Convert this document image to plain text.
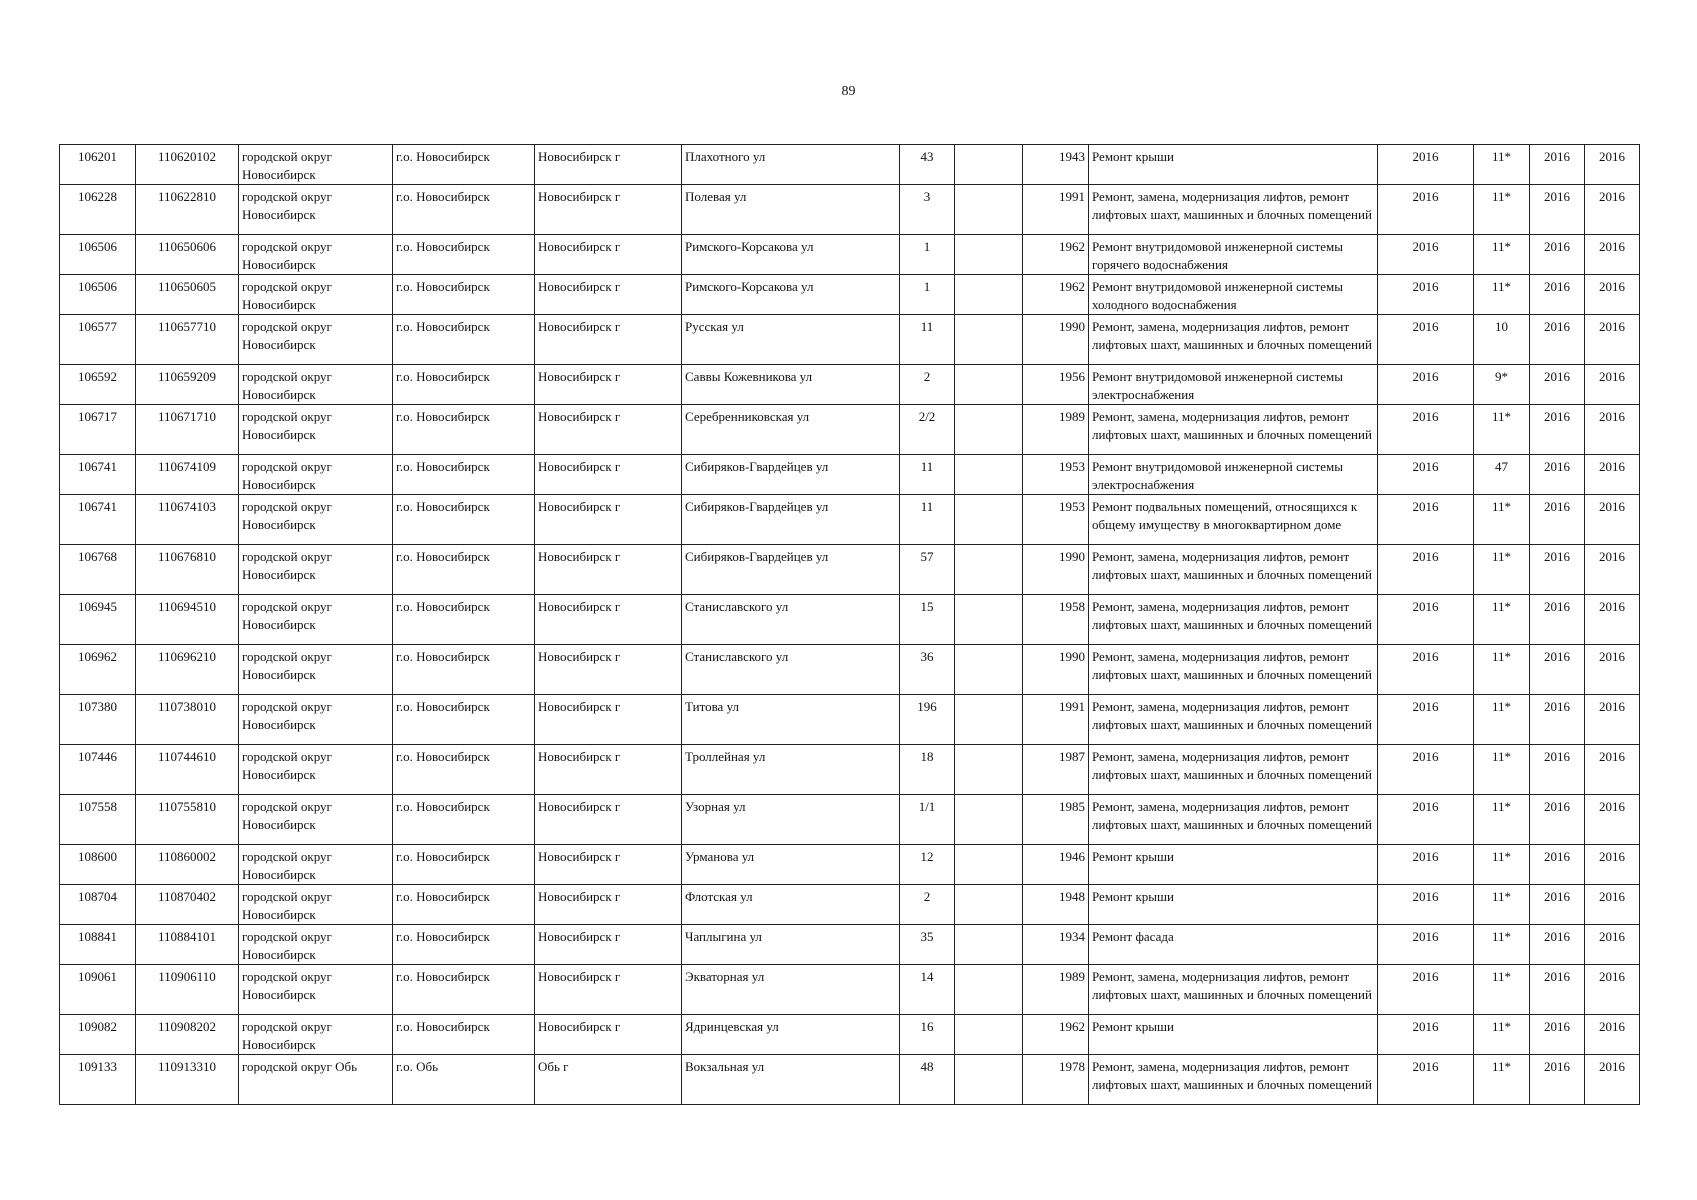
89
106201	110620102	городской округ Новосибирск	г.о. Новосибирск	Новосибирск г	Плахотного ул	43		1943	Ремонт крыши	2016	11*	2016	2016
106228	110622810	городской округ Новосибирск	г.о. Новосибирск	Новосибирск г	Полевая ул	3		1991	Ремонт, замена, модернизация лифтов, ремонт лифтовых шахт, машинных и блочных помещений	2016	11*	2016	2016
106506	110650606	городской округ Новосибирск	г.о. Новосибирск	Новосибирск г	Римского-Корсакова ул	1		1962	Ремонт внутридомовой инженерной системы горячего водоснабжения	2016	11*	2016	2016
106506	110650605	городской округ Новосибирск	г.о. Новосибирск	Новосибирск г	Римского-Корсакова ул	1		1962	Ремонт внутридомовой инженерной системы холодного водоснабжения	2016	11*	2016	2016
106577	110657710	городской округ Новосибирск	г.о. Новосибирск	Новосибирск г	Русская ул	11		1990	Ремонт, замена, модернизация лифтов, ремонт лифтовых шахт, машинных и блочных помещений	2016	10	2016	2016
106592	110659209	городской округ Новосибирск	г.о. Новосибирск	Новосибирск г	Саввы Кожевникова ул	2		1956	Ремонт внутридомовой инженерной системы электроснабжения	2016	9*	2016	2016
106717	110671710	городской округ Новосибирск	г.о. Новосибирск	Новосибирск г	Серебренниковская ул	2/2		1989	Ремонт, замена, модернизация лифтов, ремонт лифтовых шахт, машинных и блочных помещений	2016	11*	2016	2016
106741	110674109	городской округ Новосибирск	г.о. Новосибирск	Новосибирск г	Сибиряков-Гвардейцев ул	11		1953	Ремонт внутридомовой инженерной системы электроснабжения	2016	47	2016	2016
106741	110674103	городской округ Новосибирск	г.о. Новосибирск	Новосибирск г	Сибиряков-Гвардейцев ул	11		1953	Ремонт подвальных помещений, относящихся к общему имуществу в многоквартирном доме	2016	11*	2016	2016
106768	110676810	городской округ Новосибирск	г.о. Новосибирск	Новосибирск г	Сибиряков-Гвардейцев ул	57		1990	Ремонт, замена, модернизация лифтов, ремонт лифтовых шахт, машинных и блочных помещений	2016	11*	2016	2016
106945	110694510	городской округ Новосибирск	г.о. Новосибирск	Новосибирск г	Станиславского ул	15		1958	Ремонт, замена, модернизация лифтов, ремонт лифтовых шахт, машинных и блочных помещений	2016	11*	2016	2016
106962	110696210	городской округ Новосибирск	г.о. Новосибирск	Новосибирск г	Станиславского ул	36		1990	Ремонт, замена, модернизация лифтов, ремонт лифтовых шахт, машинных и блочных помещений	2016	11*	2016	2016
107380	110738010	городской округ Новосибирск	г.о. Новосибирск	Новосибирск г	Титова ул	196		1991	Ремонт, замена, модернизация лифтов, ремонт лифтовых шахт, машинных и блочных помещений	2016	11*	2016	2016
107446	110744610	городской округ Новосибирск	г.о. Новосибирск	Новосибирск г	Троллейная ул	18		1987	Ремонт, замена, модернизация лифтов, ремонт лифтовых шахт, машинных и блочных помещений	2016	11*	2016	2016
107558	110755810	городской округ Новосибирск	г.о. Новосибирск	Новосибирск г	Узорная ул	1/1		1985	Ремонт, замена, модернизация лифтов, ремонт лифтовых шахт, машинных и блочных помещений	2016	11*	2016	2016
108600	110860002	городской округ Новосибирск	г.о. Новосибирск	Новосибирск г	Урманова ул	12		1946	Ремонт крыши	2016	11*	2016	2016
108704	110870402	городской округ Новосибирск	г.о. Новосибирск	Новосибирск г	Флотская ул	2		1948	Ремонт крыши	2016	11*	2016	2016
108841	110884101	городской округ Новосибирск	г.о. Новосибирск	Новосибирск г	Чаплыгина ул	35		1934	Ремонт фасада	2016	11*	2016	2016
109061	110906110	городской округ Новосибирск	г.о. Новосибирск	Новосибирск г	Экваторная ул	14		1989	Ремонт, замена, модернизация лифтов, ремонт лифтовых шахт, машинных и блочных помещений	2016	11*	2016	2016
109082	110908202	городской округ Новосибирск	г.о. Новосибирск	Новосибирск г	Ядринцевская ул	16		1962	Ремонт крыши	2016	11*	2016	2016
109133	110913310	городской округ Обь	г.о. Обь	Обь г	Вокзальная ул	48		1978	Ремонт, замена, модернизация лифтов, ремонт лифтовых шахт, машинных и блочных помещений	2016	11*	2016	2016
